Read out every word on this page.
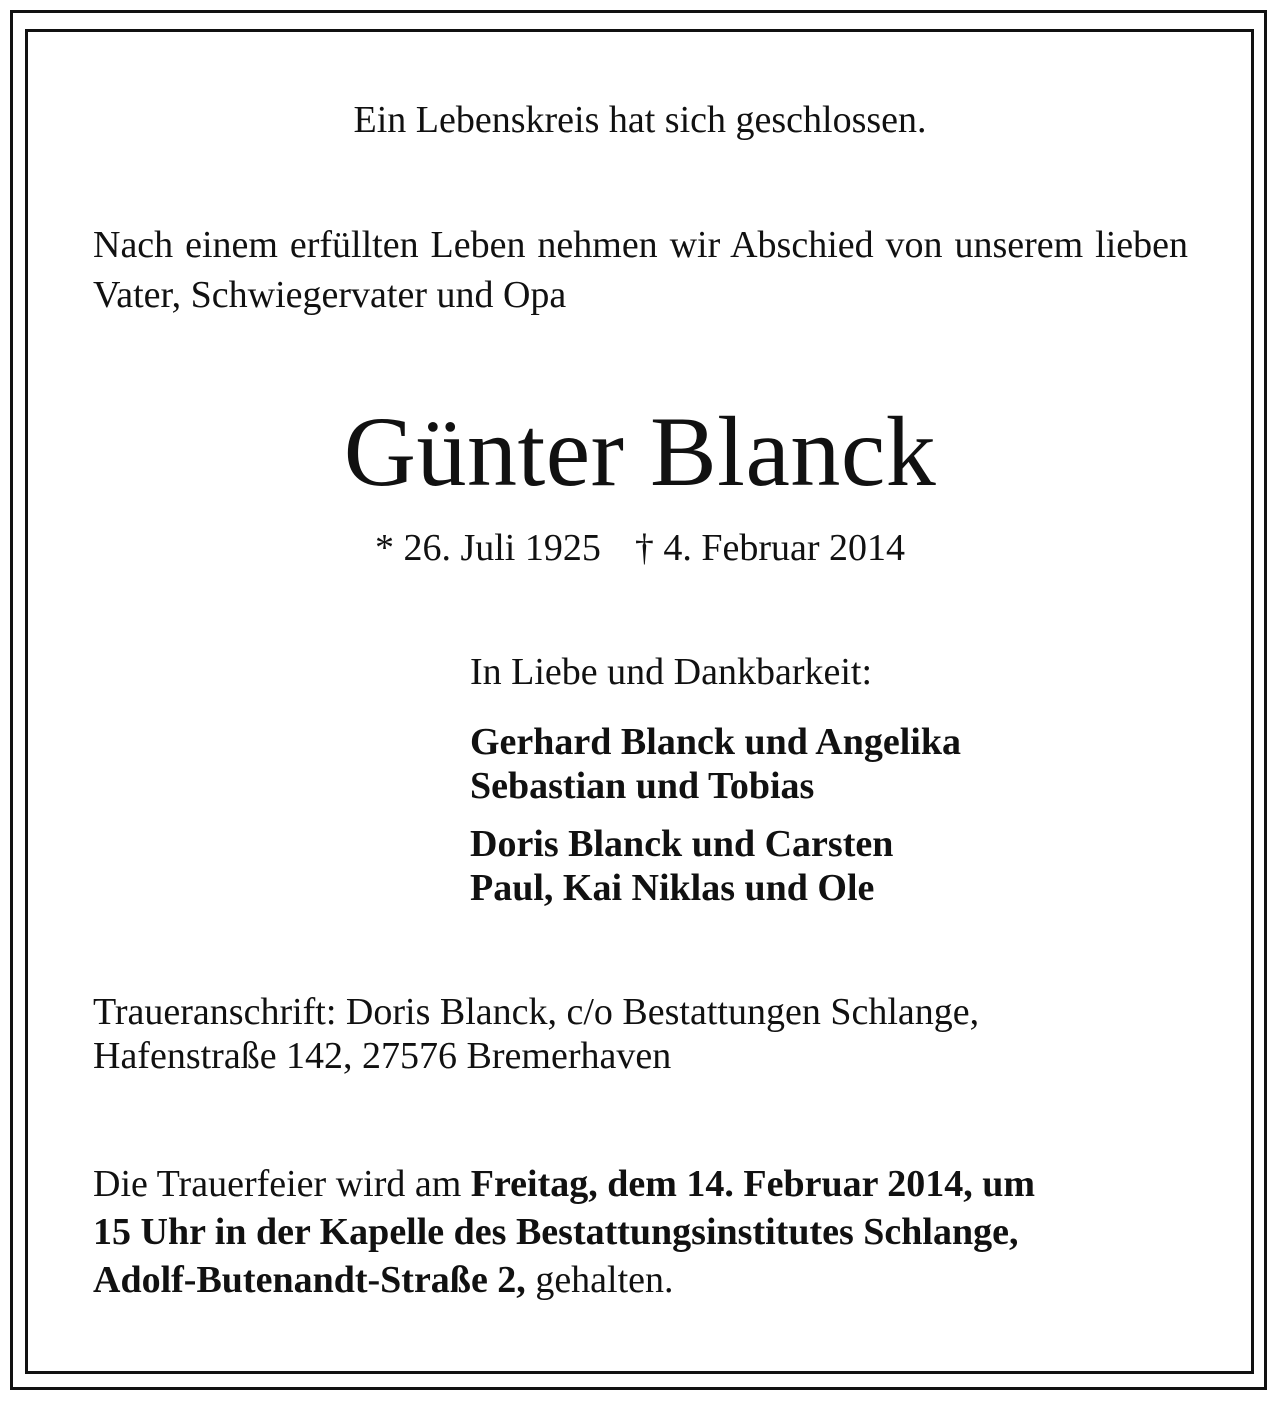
Ein Lebenskreis hat sich geschlossen.

Nach einem erfüllten Leben nehmen wir Abschied von unserem lieben Vater, Schwiegervater und Opa

Günter Blanck

* 26. Juli 1925 † 4. Februar 2014

In Liebe und Dankbarkeit:

Gerhard Blanck und Angelika
Sebastian und Tobias
Doris Blanck und Carsten
Paul, Kai Niklas und Ole
Traueranschrift: Doris Blanck, c/o Bestattungen Schlange,
Hafenstraße 142, 27576 Bremerhaven
Die Trauerfeier wird am Freitag, dem 14. Februar 2014, um
15 Uhr in der Kapelle des Bestattungsinstitutes Schlange,
Adolf-Butenandt-Straße 2, gehalten.
